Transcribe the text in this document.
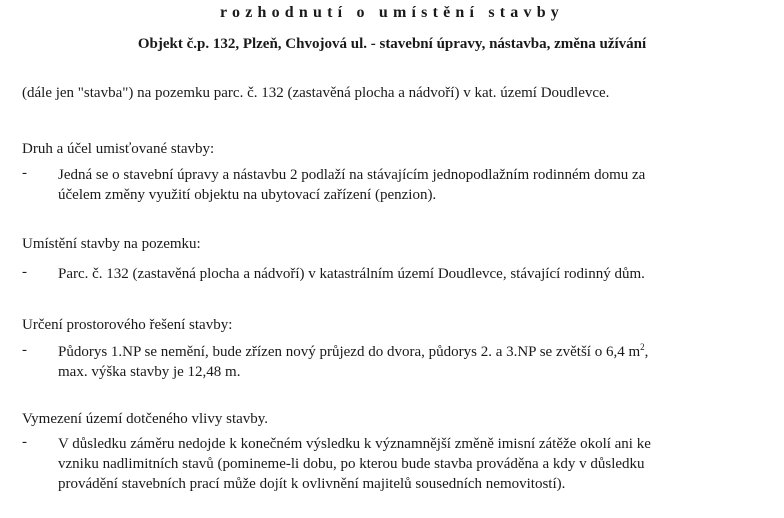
rozhodnutí o umístění stavby

Objekt č.p. 132, Plzeň, Chvojová ul. - stavební úpravy, nástavba, změna užívání

(dále jen "stavba") na pozemku parc. č. 132 (zastavěná plocha a nádvoří) v kat. území Doudlevce.

Druh a účel umisťované stavby:

- Jedná se o stavební úpravy a nástavbu 2 podlaží na stávajícím jednopodlažním rodinném domu za
účelem změny využití objektu na ubytovací zařízení (penzion).

Umístění stavby na pozemku:

- Parc. č. 132 (zastavěná plocha a nádvoří) v katastrálním území Doudlevce, stávající rodinný dům.

Určení prostorového řešení stavby:

- Půdorys 1.NP se nemění, bude zřízen nový průjezd do dvora, půdorys 2. a 3.NP se zvětší o 6,4 $m^2$,
max. výška stavby je 12,48 m.

Vymezení území dotčeného vlivy stavby.

- V důsledku záměru nedojde k konečném výsledku k významnější změně imisní zátěže okolí ani ke
vzniku nadlimitních stavů (pomineme-li dobu, po kterou bude stavba prováděna a kdy v důsledku
provádění stavebních prací může dojít k ovlivnění majitelů sousedních nemovitostí).
